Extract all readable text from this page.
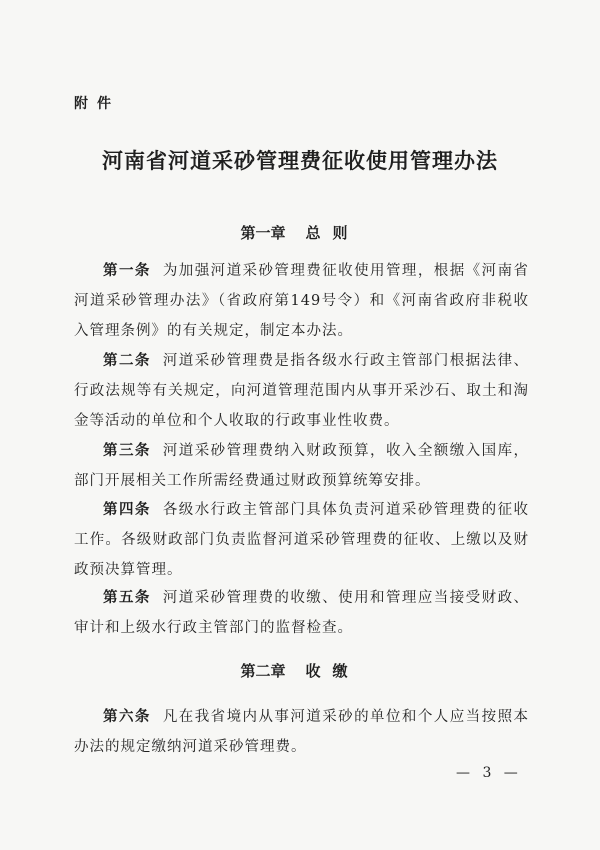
附件
河南省河道采砂管理费征收使用管理办法
第一章 总则
第一条 为加强河道采砂管理费征收使用管理，根据《河南省河道采砂管理办法》（省政府第149号令）和《河南省政府非税收入管理条例》的有关规定，制定本办法。
第二条 河道采砂管理费是指各级水行政主管部门根据法律、行政法规等有关规定，向河道管理范围内从事开采沙石、取土和淘金等活动的单位和个人收取的行政事业性收费。
第三条 河道采砂管理费纳入财政预算，收入全额缴入国库，部门开展相关工作所需经费通过财政预算统筹安排。
第四条 各级水行政主管部门具体负责河道采砂管理费的征收工作。各级财政部门负责监督河道采砂管理费的征收、上缴以及财政预决算管理。
第五条 河道采砂管理费的收缴、使用和管理应当接受财政、审计和上级水行政主管部门的监督检查。
第二章 收缴
第六条 凡在我省境内从事河道采砂的单位和个人应当按照本办法的规定缴纳河道采砂管理费。
— 3 —
